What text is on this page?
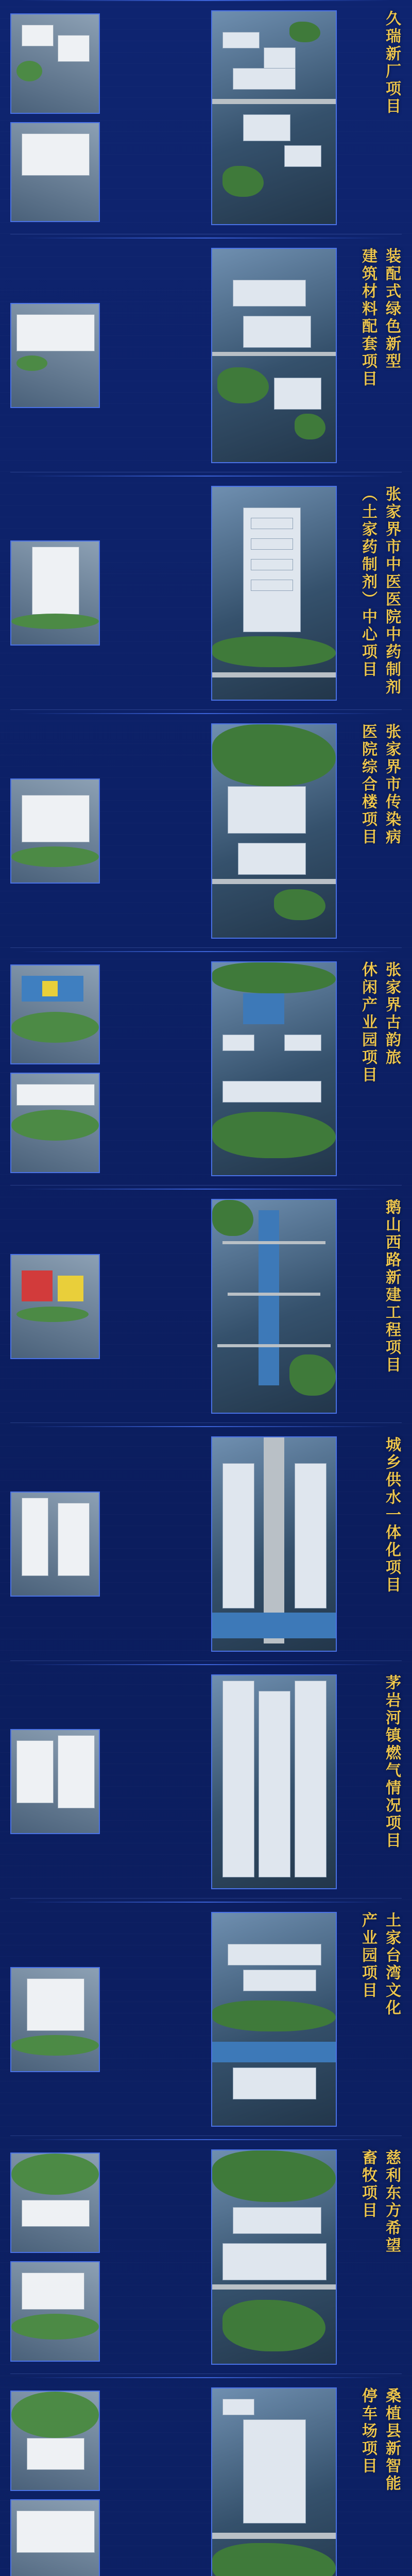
久瑞新厂项目
装配式绿色新型
建筑材料配套项目
张家界市中医医院中药制剂
（土家药制剂）中心项目
张家界市传染病
医院综合楼项目
张家界古韵旅
休闲产业园项目
鹅山西路新建工程项目
城乡供水一体化项目
茅岩河镇燃气情况项目
土家台湾文化
产业园项目
慈利东方希望
畜牧项目
桑植县新智能
停车场项目
